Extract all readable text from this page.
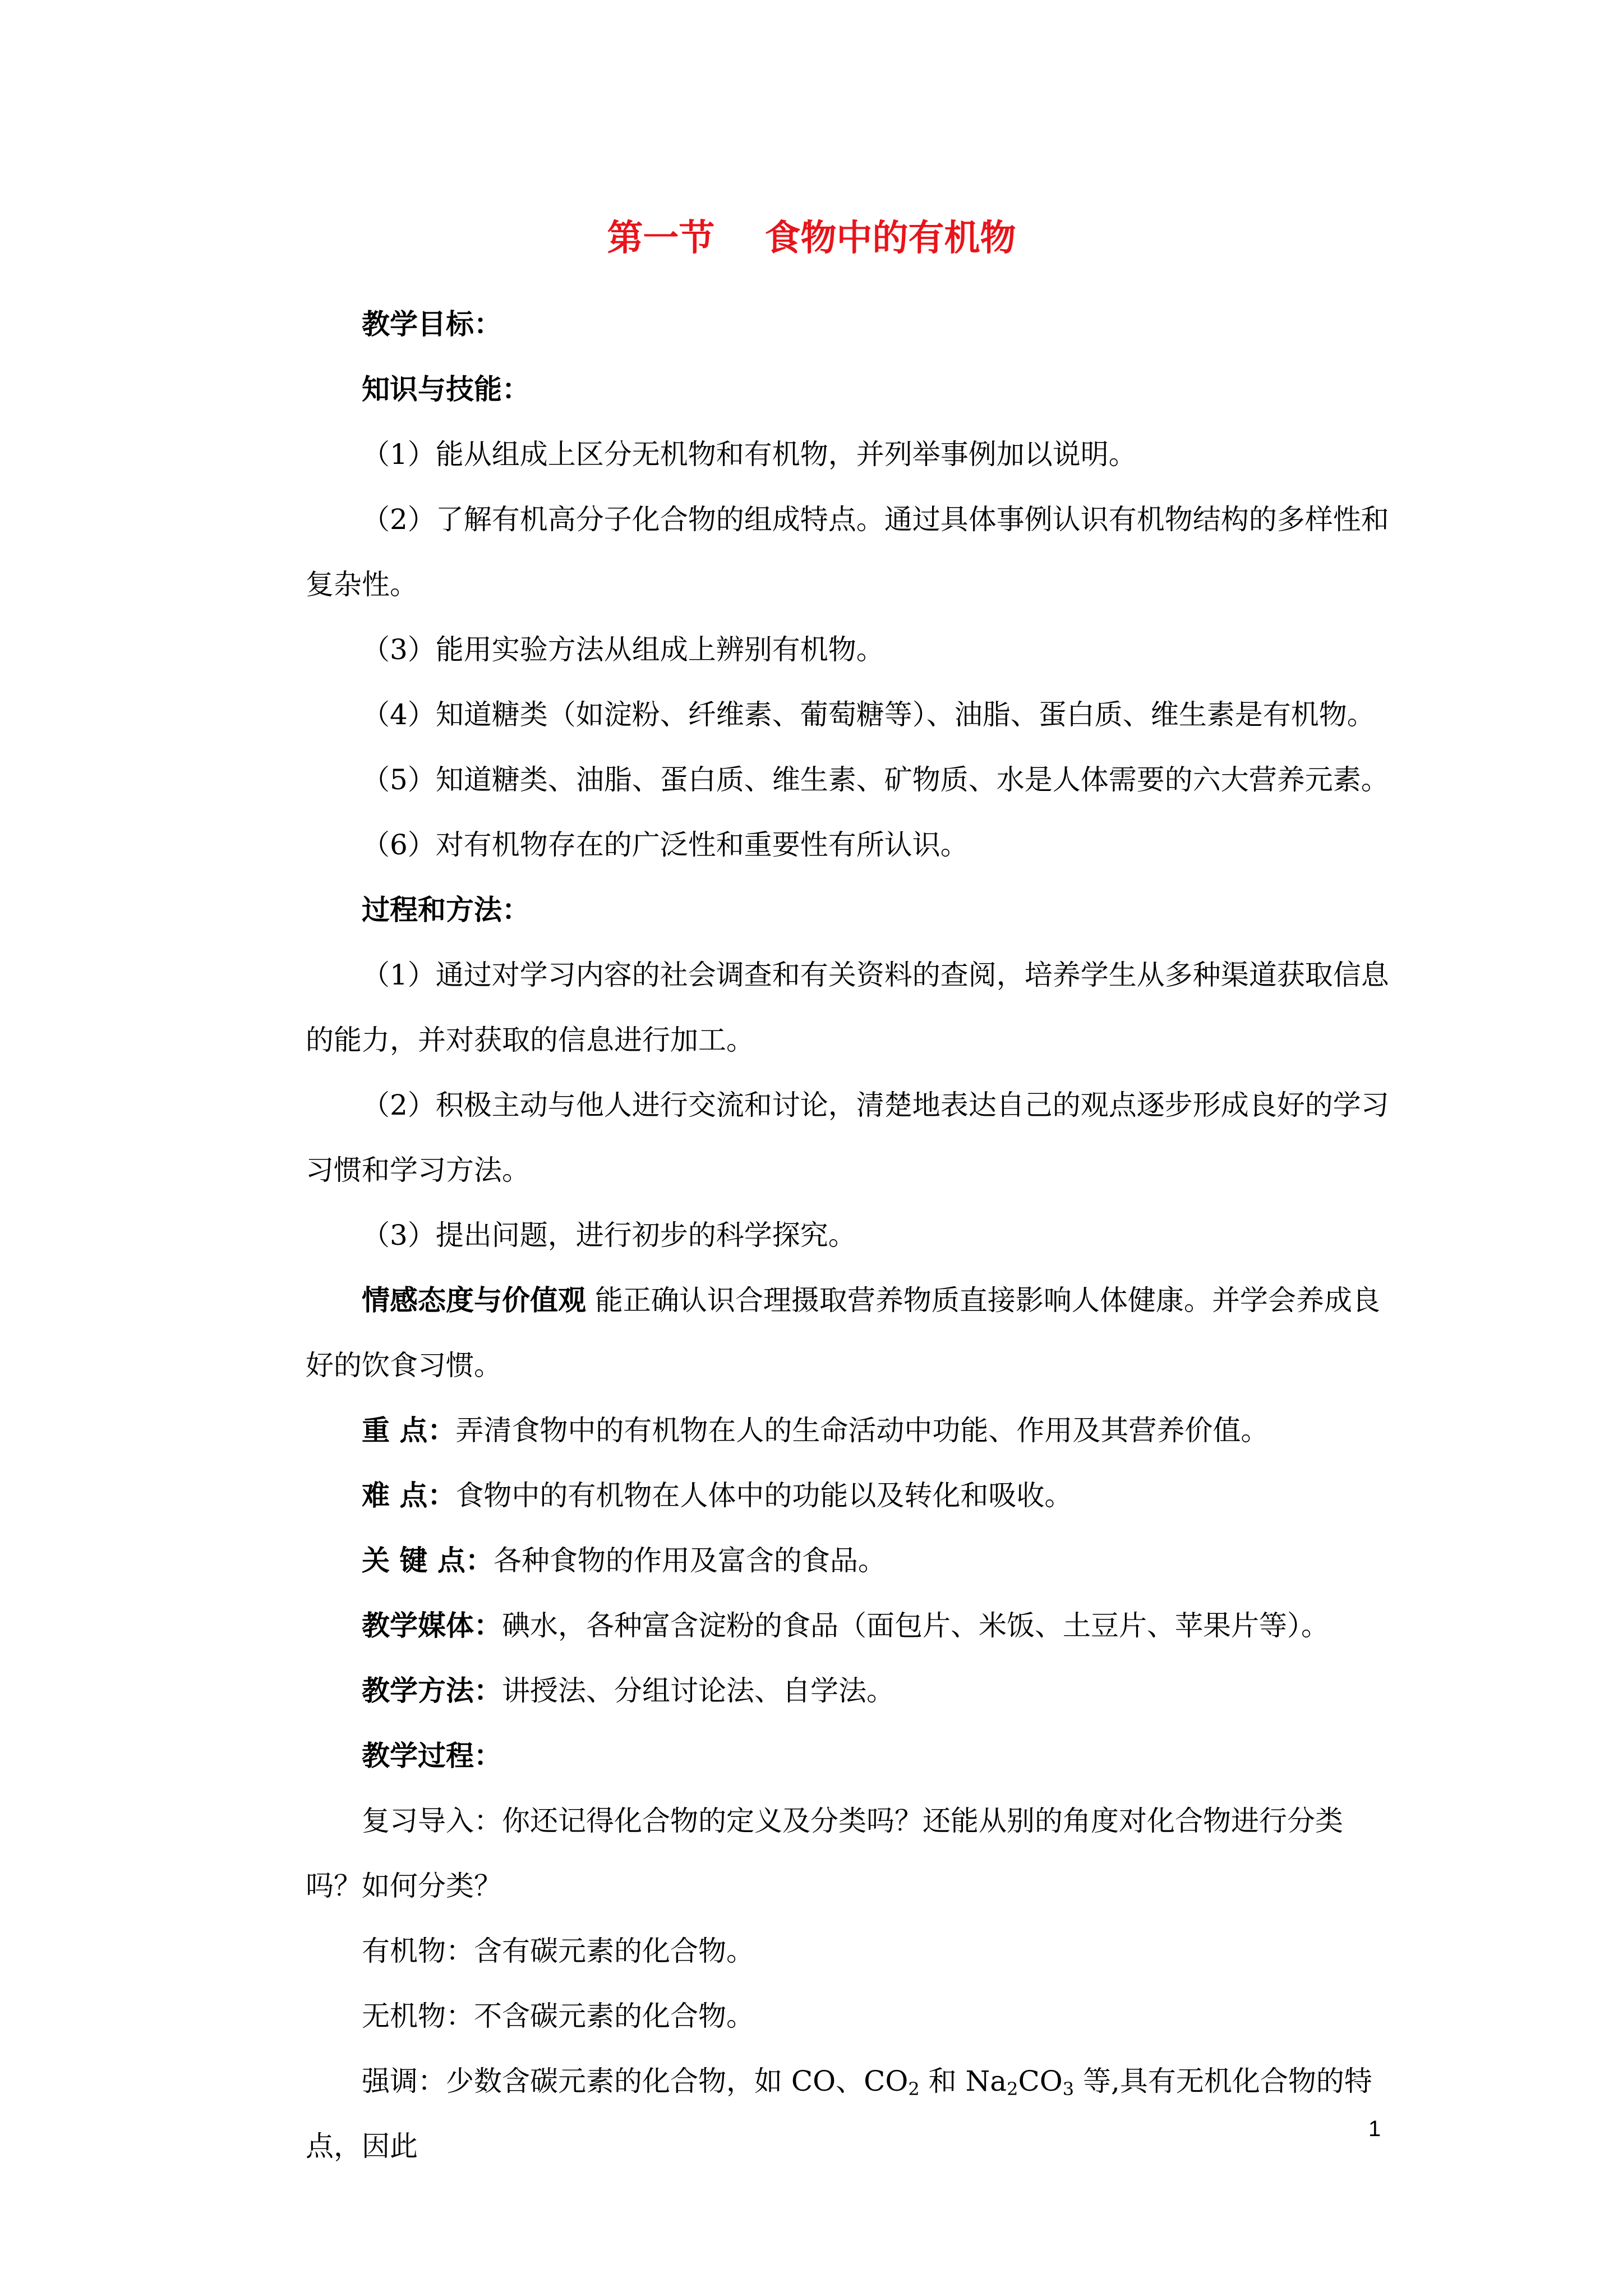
第一节    食物中的有机物

教学目标：

知识与技能：

（1）能从组成上区分无机物和有机物，并列举事例加以说明。

（2）了解有机高分子化合物的组成特点。通过具体事例认识有机物结构的多样性和复杂性。

（3）能用实验方法从组成上辨别有机物。

（4）知道糖类（如淀粉、纤维素、葡萄糖等）、油脂、蛋白质、维生素是有机物。

（5）知道糖类、油脂、蛋白质、维生素、矿物质、水是人体需要的六大营养元素。

（6）对有机物存在的广泛性和重要性有所认识。

过程和方法：

（1）通过对学习内容的社会调查和有关资料的查阅，培养学生从多种渠道获取信息的能力，并对获取的信息进行加工。

（2）积极主动与他人进行交流和讨论，清楚地表达自己的观点逐步形成良好的学习习惯和学习方法。

（3）提出问题，进行初步的科学探究。

情感态度与价值观 能正确认识合理摄取营养物质直接影响人体健康。并学会养成良好的饮食习惯。

重 点：弄清食物中的有机物在人的生命活动中功能、作用及其营养价值。

难 点：食物中的有机物在人体中的功能以及转化和吸收。

关 键 点：各种食物的作用及富含的食品。

教学媒体：碘水，各种富含淀粉的食品（面包片、米饭、土豆片、苹果片等）。

教学方法：讲授法、分组讨论法、自学法。

教学过程：

复习导入：你还记得化合物的定义及分类吗？还能从别的角度对化合物进行分类吗？如何分类？

有机物：含有碳元素的化合物。

无机物：不含碳元素的化合物。

强调：少数含碳元素的化合物，如 CO、$CO_2$ 和 $Na_2CO_3$ 等,具有无机化合物的特点，因此

1
